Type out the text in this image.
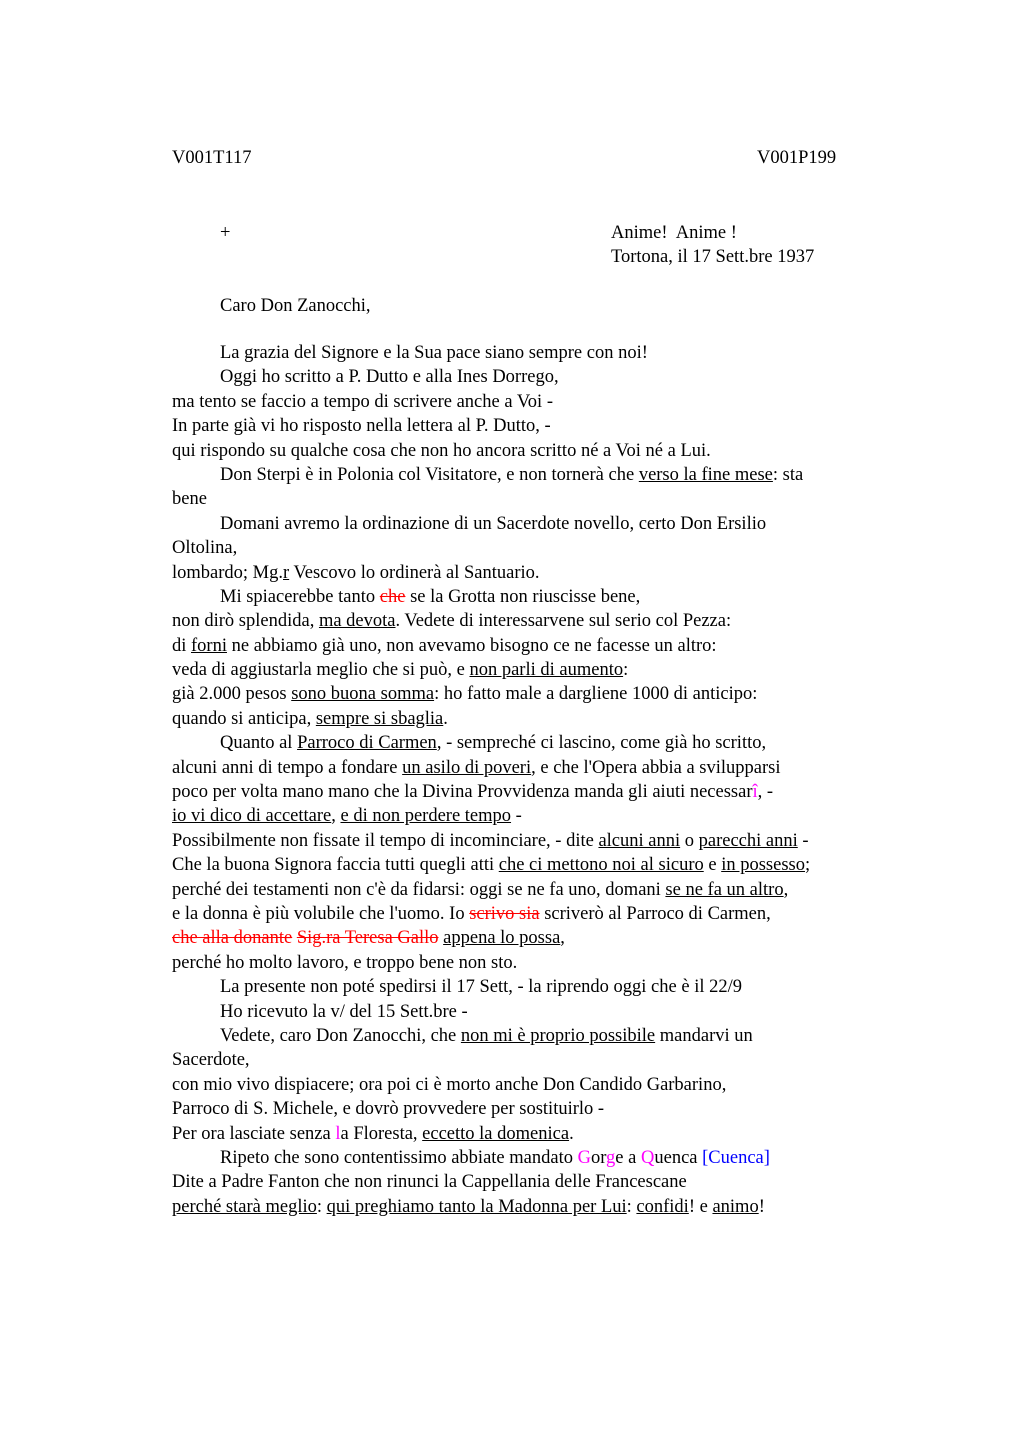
V001T117	V001P199
+	Anime!  Anime !
Tortona, il 17 Sett.bre 1937
Caro Don Zanocchi,
La grazia del Signore e la Sua pace siano sempre con noi!
Oggi ho scritto a P. Dutto e alla Ines Dorrego,
ma tento se faccio a tempo di scrivere anche a Voi -
In parte già vi ho risposto nella lettera al P. Dutto, -
qui rispondo su qualche cosa che non ho ancora scritto né a Voi né a Lui.
Don Sterpi è in Polonia col Visitatore, e non tornerà che verso la fine mese: sta
bene
Domani avremo la ordinazione di un Sacerdote novello, certo Don Ersilio
Oltolina,
lombardo; Mg.r Vescovo lo ordinerà al Santuario.
Mi spiacerebbe tanto che se la Grotta non riuscisse bene,
non dirò splendida, ma devota. Vedete di interessarvene sul serio col Pezza:
di forni ne abbiamo già uno, non avevamo bisogno ce ne facesse un altro:
veda di aggiustarla meglio che si può, e non parli di aumento:
già 2.000 pesos sono buona somma: ho fatto male a dargliene 1000 di anticipo:
quando si anticipa, sempre si sbaglia.
Quanto al Parroco di Carmen, - sempreché ci lascino, come già ho scritto,
alcuni anni di tempo a fondare un asilo di poveri, e che l'Opera abbia a svilupparsi
poco per volta mano mano che la Divina Provvidenza manda gli aiuti necessarî, -
io vi dico di accettare, e di non perdere tempo -
Possibilmente non fissate il tempo di incominciare, - dite alcuni anni o parecchi anni -
Che la buona Signora faccia tutti quegli atti che ci mettono noi al sicuro e in possesso;
perché dei testamenti non c'è da fidarsi: oggi se ne fa uno, domani se ne fa un altro,
e la donna è più volubile che l'uomo. Io scrivo sia scriverò al Parroco di Carmen,
che alla donante Sig.ra Teresa Gallo appena lo possa,
perché ho molto lavoro, e troppo bene non sto.
La presente non poté spedirsi il 17 Sett, - la riprendo oggi che è il 22/9
Ho ricevuto la v/ del 15 Sett.bre -
Vedete, caro Don Zanocchi, che non mi è proprio possibile mandarvi un
Sacerdote,
con mio vivo dispiacere; ora poi ci è morto anche Don Candido Garbarino,
Parroco di S. Michele, e dovrò provvedere per sostituirlo -
Per ora lasciate senza la Floresta, eccetto la domenica.
Ripeto che sono contentissimo abbiate mandato Gorge a Quenca [Cuenca]
Dite a Padre Fanton che non rinunci la Cappellania delle Francescane
perché starà meglio: qui preghiamo tanto la Madonna per Lui: confidi! e animo!
